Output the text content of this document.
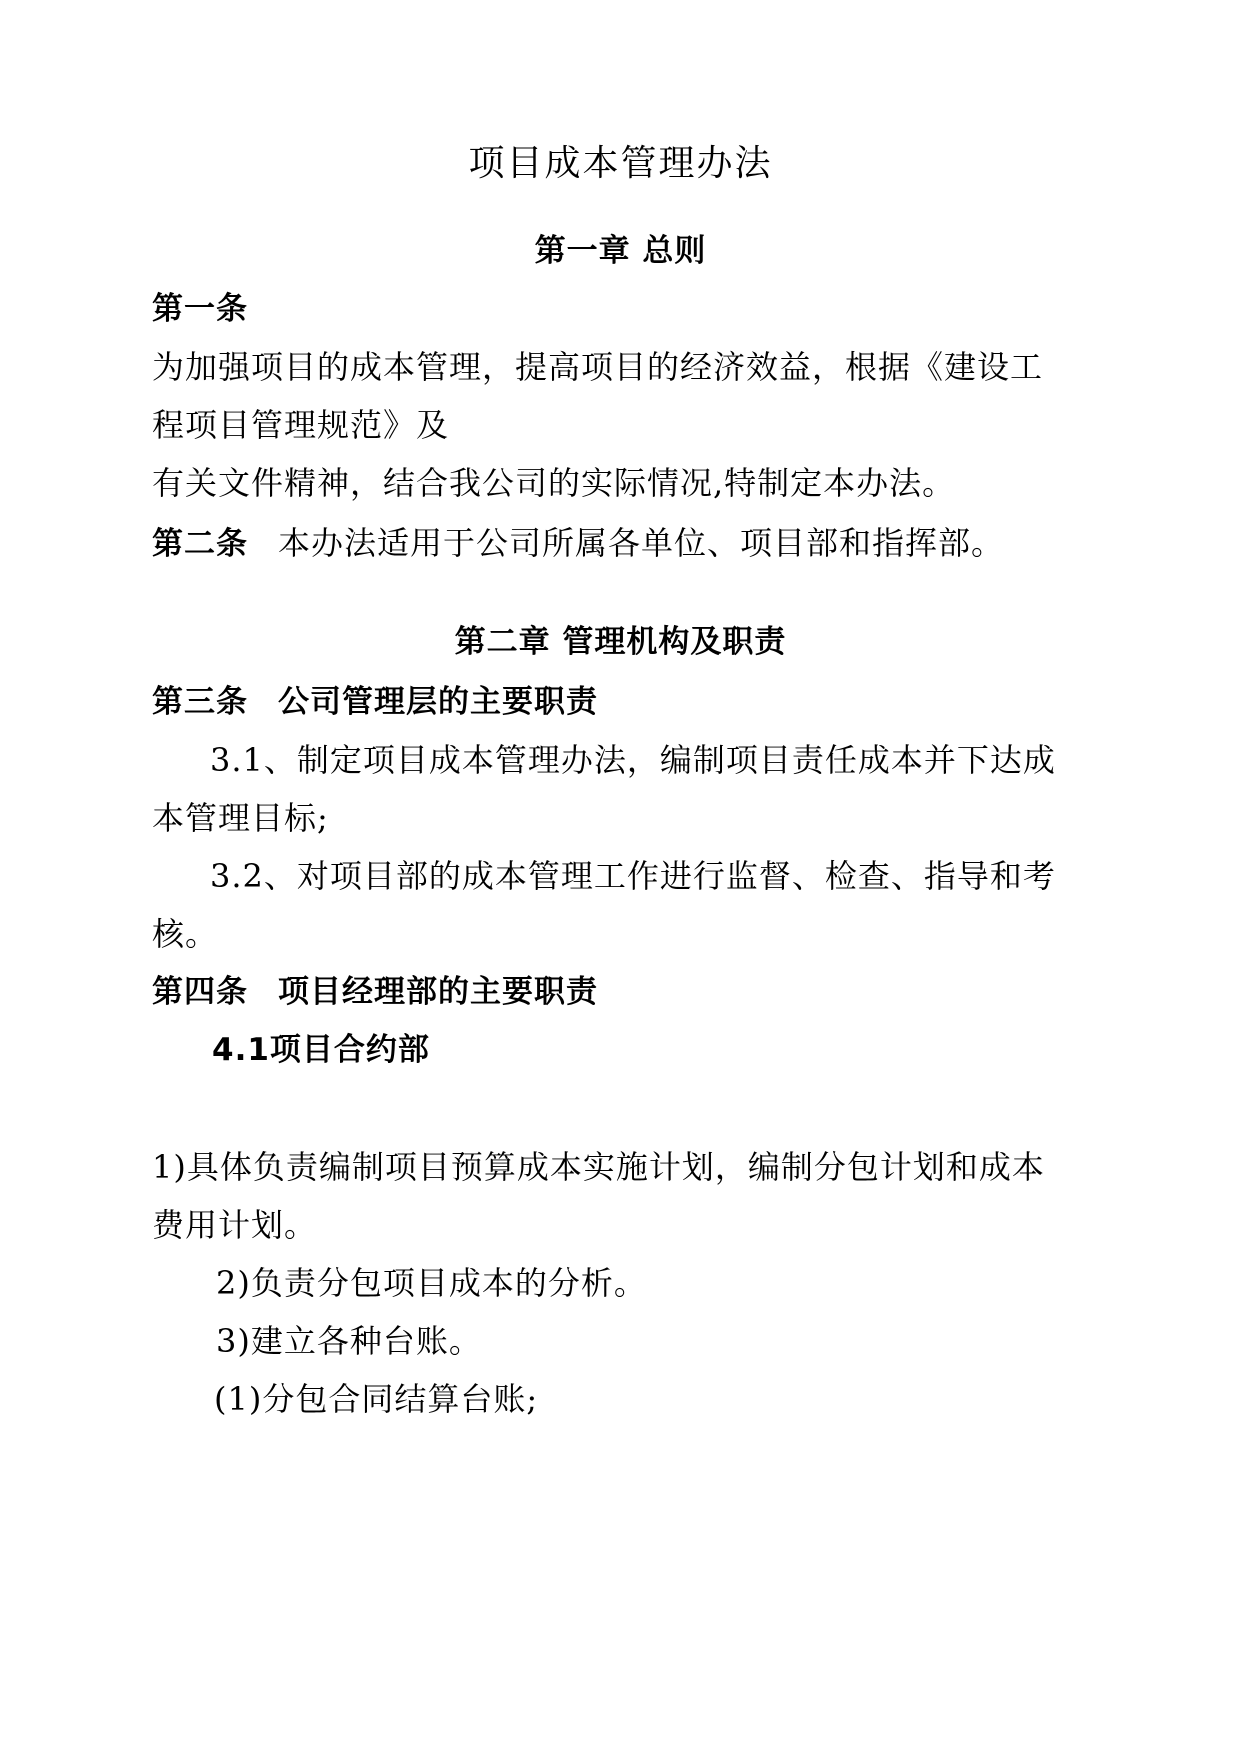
项目成本管理办法
第一章 总则
第一条
为加强项目的成本管理，提高项目的经济效益，根据《建设工
程项目管理规范》及
有关文件精神，结合我公司的实际情况,特制定本办法。
第二条 本办法适用于公司所属各单位、项目部和指挥部。
第二章 管理机构及职责
第三条 公司管理层的主要职责
3.1、制定项目成本管理办法，编制项目责任成本并下达成
本管理目标;
3.2、对项目部的成本管理工作进行监督、检查、指导和考
核。
第四条 项目经理部的主要职责
4.1项目合约部
1)具体负责编制项目预算成本实施计划，编制分包计划和成本
费用计划。
2)负责分包项目成本的分析。
3)建立各种台账。
(1)分包合同结算台账;
